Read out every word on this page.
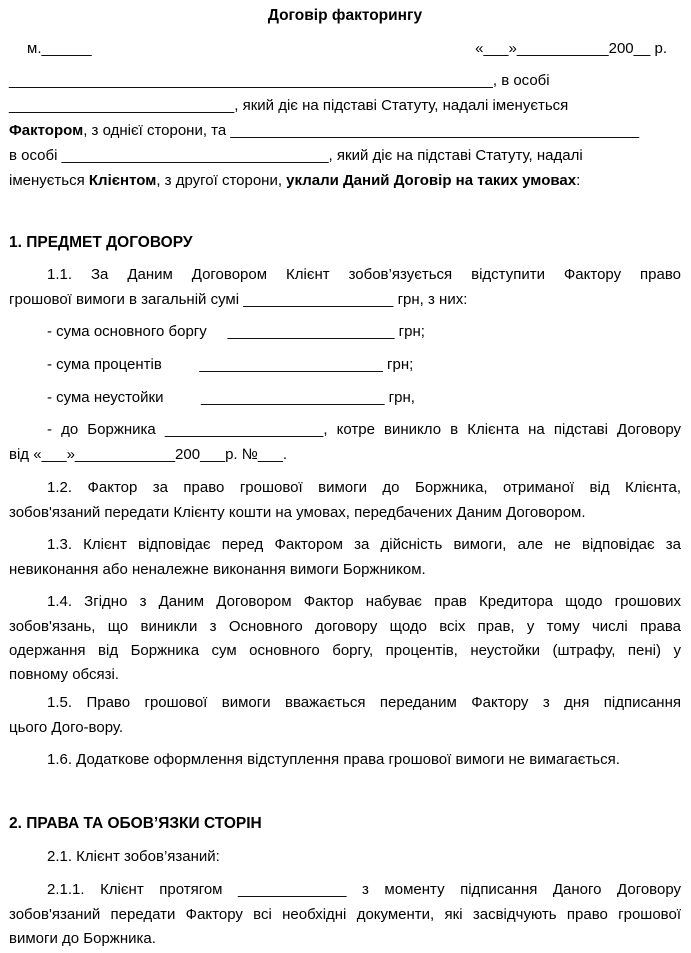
Договір факторингу
м.______	«___»___________200__ р.
__________________________________________________________, в особі
___________________________, який діє на підставі Статуту, надалі іменується
Фактором, з однієї сторони, та _________________________________________________
в особі ________________________________, який діє на підставі Статуту, надалі
іменується Клієнтом, з другої сторони, уклали Даний Договір на таких умовах:
1. ПРЕДМЕТ ДОГОВОРУ
1.1. За Даним Договором Клієнт зобов’язується відступити Фактору право
грошової вимоги в загальній сумі __________________ грн, з них:
- сума основного боргу     ____________________ грн;
- сума процентів         ______________________ грн;
- сума неустойки         ______________________ грн,
- до Боржника ___________________, котре виникло в Клієнта на підставі Договору
від «___»____________200___р. №___.
1.2. Фактор за право грошової вимоги до Боржника, отриманої від Клієнта,
зобов'язаний передати Клієнту кошти на умовах, передбачених Даним Договором.
1.3. Клієнт відповідає перед Фактором за дійсність вимоги, але не відповідає за
невиконання або неналежне виконання вимоги Боржником.
1.4. Згідно з Даним Договором Фактор набуває прав Кредитора щодо грошових
зобов'язань, що виникли з Основного договору щодо всіх прав, у тому числі права
одержання від Боржника сум основного боргу, процентів, неустойки (штрафу, пені) у
повному обсязі.
1.5. Право грошової вимоги вважається переданим Фактору з дня підписання
цього Дого-вору.
1.6. Додаткове оформлення відступлення права грошової вимоги не вимагається.
2. ПРАВА ТА ОБОВ’ЯЗКИ СТОРІН
2.1. Клієнт зобов’язаний:
2.1.1. Клієнт протягом _____________ з моменту підписання Даного Договору
зобов'язаний передати Фактору всі необхідні документи, які засвідчують право грошової
вимоги до Боржника.
